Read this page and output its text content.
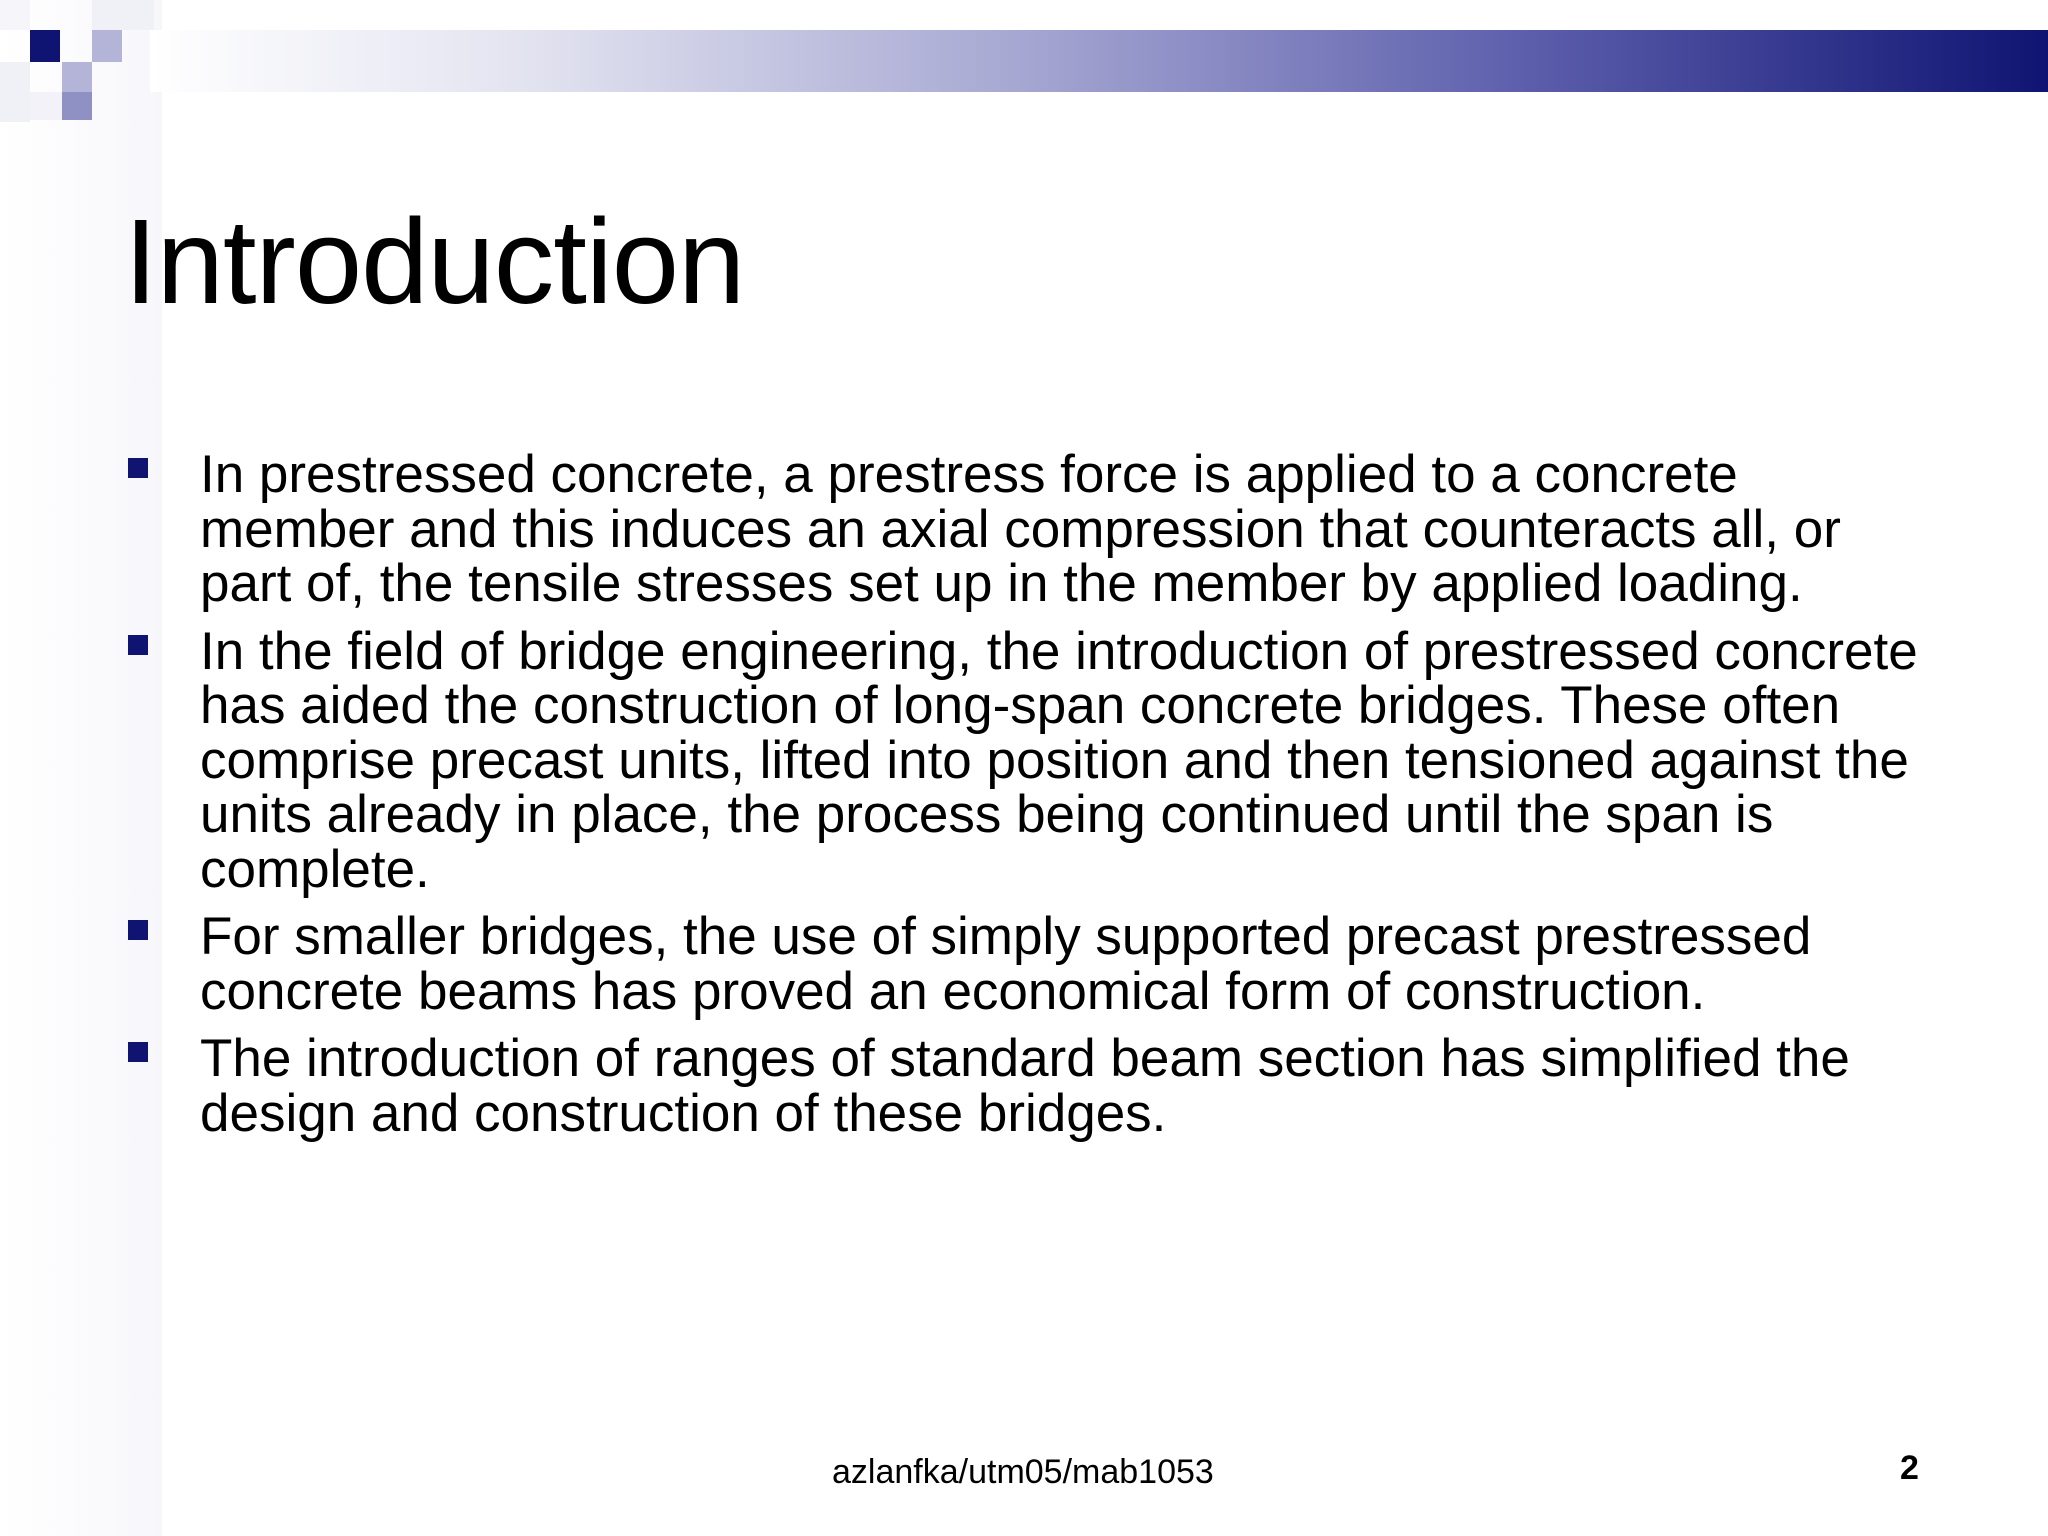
Introduction
In prestressed concrete, a prestress force is applied to a concrete member and this induces an axial compression that counteracts all, or part of, the tensile stresses set up in the member by applied loading.
In the field of bridge engineering, the introduction of prestressed concrete has aided the construction of long-span concrete bridges. These often comprise precast units, lifted into position and then tensioned against the units already in place, the process being continued until the span is complete.
For smaller bridges, the use of simply supported precast prestressed concrete beams has proved an economical form of construction.
The introduction of ranges of standard beam section has simplified the design and construction of these bridges.
azlanfka/utm05/mab1053	2
